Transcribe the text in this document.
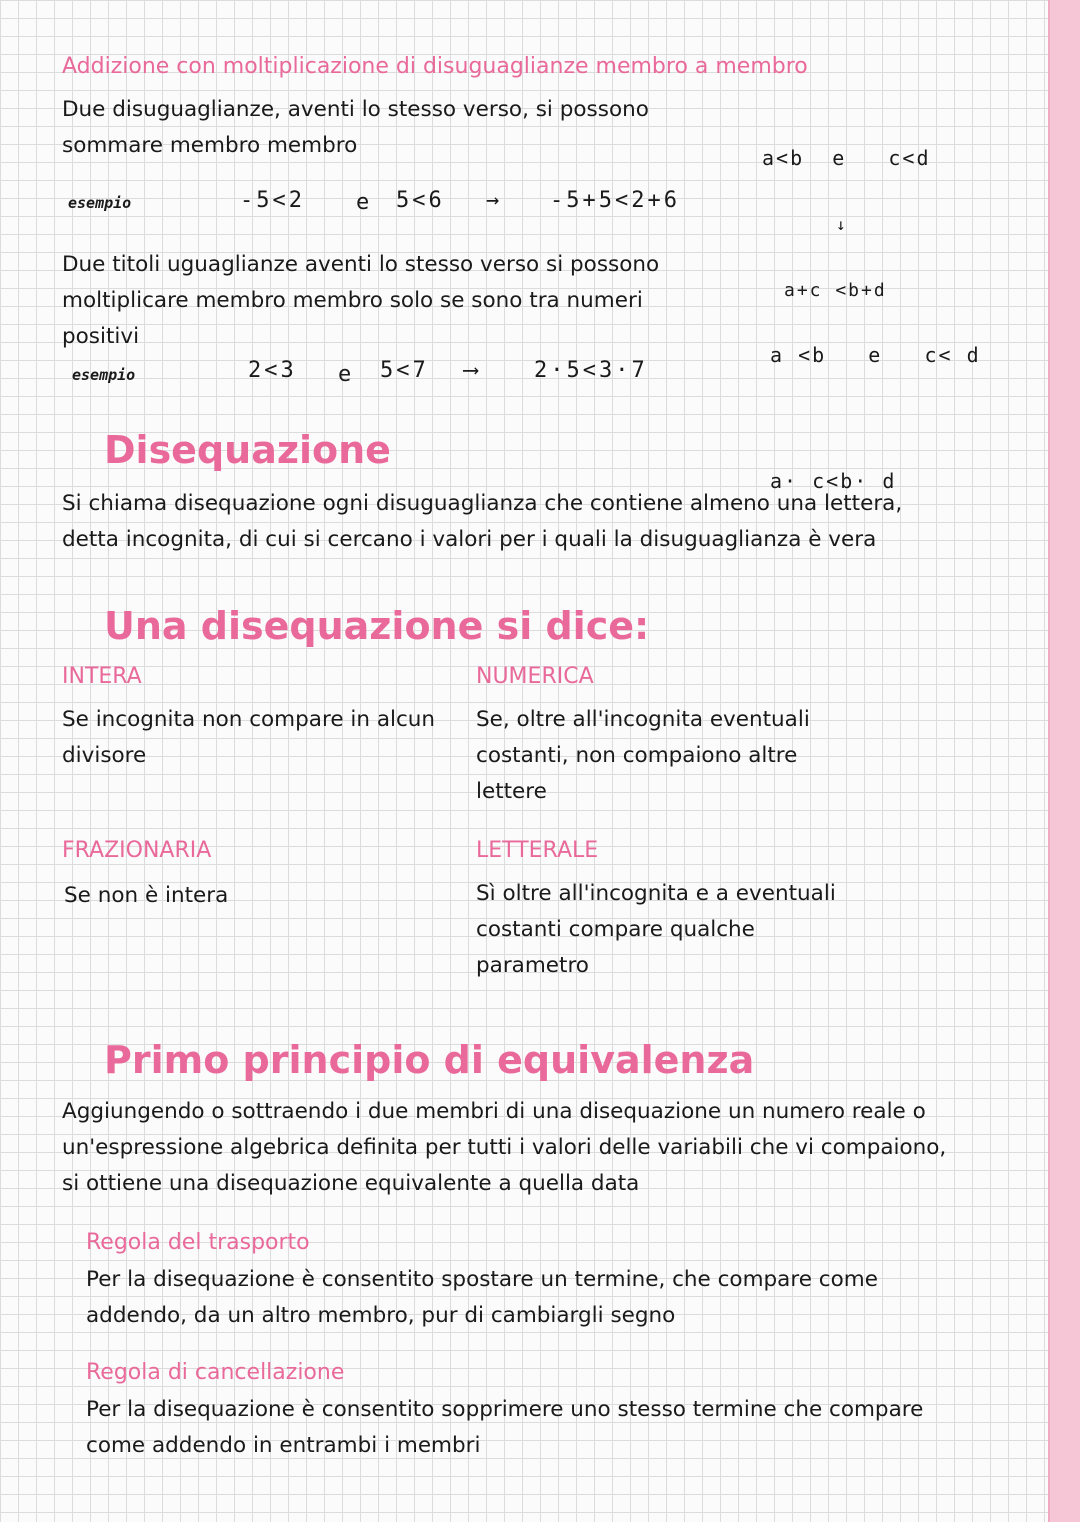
Addizione con moltiplicazione di disuguaglianze membro a membro
Due disuguaglianze, aventi lo stesso verso, si possono
sommare membro membro

	a<b  e   c<d

↓

a+c <b+d

esempio	-5<2 e 5<6 → -5+5<2+6
Due titoli uguaglianze aventi lo stesso verso si possono
moltiplicare membro membro solo se sono tra numeri
positivi

a <b   e   c< d

a· c<b· d

esempio	2<3 e 5<7 ⟶ 2·5<3·7
Disequazione
Si chiama disequazione ogni disuguaglianza che contiene almeno una lettera,
detta incognita, di cui si cercano i valori per i quali la disuguaglianza è vera
Una disequazione si dice:
INTERA
Se incognita non compare in alcun
divisore
NUMERICA
Se, oltre all'incognita eventuali
costanti, non compaiono altre
lettere
FRAZIONARIA
Se non è intera
LETTERALE
Sì oltre all'incognita e a eventuali
costanti compare qualche
parametro
Primo principio di equivalenza
Aggiungendo o sottraendo i due membri di una disequazione un numero reale o
un'espressione algebrica definita per tutti i valori delle variabili che vi compaiono,
si ottiene una disequazione equivalente a quella data
Regola del trasporto
Per la disequazione è consentito spostare un termine, che compare come
addendo, da un altro membro, pur di cambiargli segno
Regola di cancellazione
Per la disequazione è consentito sopprimere uno stesso termine che compare
come addendo in entrambi i membri
